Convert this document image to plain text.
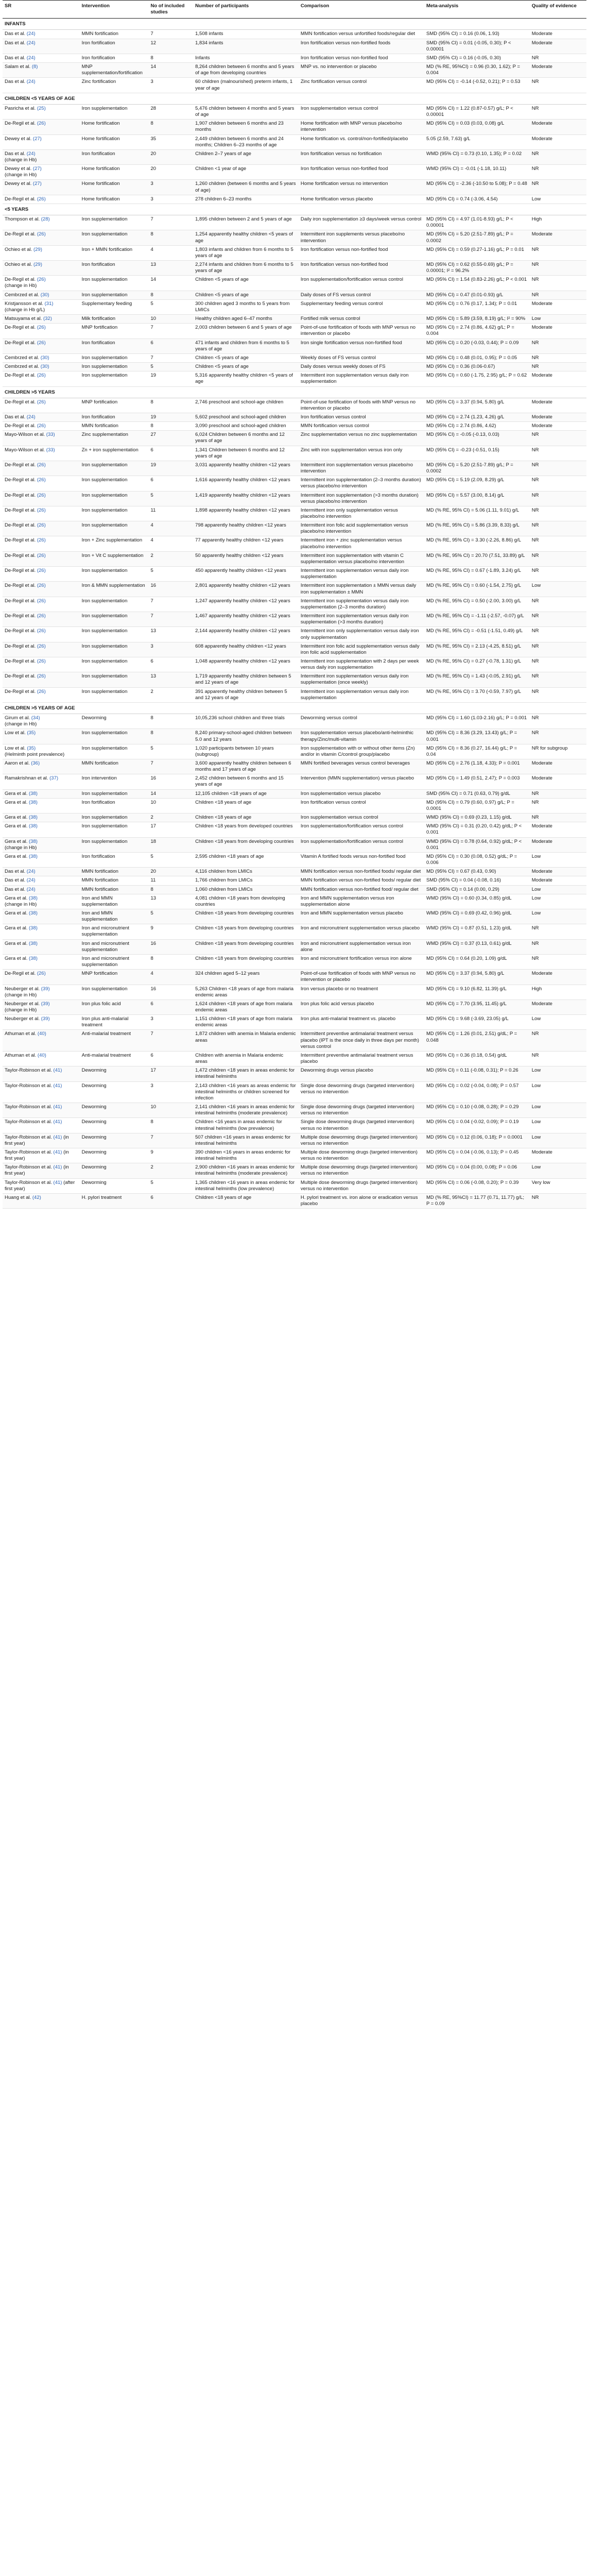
SR	Intervention	No of included studies	Number of participants	Comparison	Meta-analysis	Quality of evidence
INFANTS						
Das et al. (24)	MMN fortification	7	1,508 infants	MMN fortification versus unfortified foods/regular diet	SMD (95% CI) = 0.16 (0.06, 1.93)	Moderate
Das et al. (24)	Iron fortification	12	1,834 infants	Iron fortification versus non-fortified foods	SMD (95% CI) = 0.01 (-0.05, 0.30); P < 0.00001	Moderate
Das et al. (24)	Iron fortification	8	Infants	Iron fortification versus non-fortified food	SMD (95% CI) = 0.16 (-0.05, 0.30)	NR
Salam et al. (8)	MNP supplementation/fortification	14	8,264 children between 6 months and 5 years of age from developing countries	MNP vs. no intervention or placebo	MD (% RE, 95%CI) = 0.96 (0.30, 1.62); P = 0.004	Moderate
Das et al. (24)	Zinc fortification	3	60 children (malnourished) preterm infants, 1 year of age	Zinc fortification versus control	MD (95% CI) = -0.14 (-0.52, 0.21); P = 0.53	NR
CHILDREN <5 YEARS OF AGE						
Pasricha et al. (25)	Iron supplementation	28	5,476 children between 4 months and 5 years of age	Iron supplementation versus control	MD (95% CI) = 1.22 (0.87-0.57) g/L; P < 0.00001	NR
De-Regil et al. (26)	Home fortification	8	1,907 children between 6 months and 23 months	Home fortification with MNP versus placebo/no intervention	MD (95% CI) = 0.03 (0.03, 0.08) g/L	Moderate
Dewey et al. (27)	Home fortification	35	2,449 children between 6 months and 24 months; Children 6–23 months of age	Home fortification vs. control/non-fortified/placebo	5.05 (2.59, 7.63) g/L	Moderate
Das et al. (24)
(change in Hb)	Iron fortification	20	Children 2–7 years of age	Iron fortification versus no fortification	WMD (95% CI) = 0.73 (0.10, 1.35); P = 0.02	NR
Dewey et al. (27)
(change in Hb)	Home fortification	20	Children <1 year of age	Iron fortification versus non-fortified food	WMD (95% CI) = -0.01 (-1.18, 10.11)	NR
Dewey et al. (27)	Home fortification	3	1,260 children (between 6 months and 5 years of age)	Home fortification versus no intervention	MD (95% CI) = -2.36 (-10.50 to 5.08); P = 0.48	NR
De-Regil et al. (26)	Home fortification	3	278 children 6–23 months	Home fortification versus placebo	MD (95% CI) = 0.74 (-3.06, 4.54)	Low
<5 YEARS						
Thompson et al. (28)	Iron supplementation	7	1,895 children between 2 and 5 years of age	Daily iron supplementation ≥3 days/week versus control	MD (95% CI) = 4.97 (1.01-8.93) g/L; P < 0.00001	High
De-Regil et al. (26)	Iron supplementation	8	1,254 apparently healthy children <5 years of age	Intermittent iron supplements versus placebo/no intervention	MD (95% CI) = 5.20 (2.51-7.89) g/L; P = 0.0002	Moderate
Ochieo et al. (29)	Iron + MMN fortification	4	1,803 infants and children from 6 months to 5 years of age	Iron fortification versus non-fortified food	MD (95% CI) = 0.59 (0.27-1.16) g/L; P = 0.01	NR
Ochieo et al. (29)	Iron fortification	13	2,274 infants and children from 6 months to 5 years of age	Iron fortification versus non-fortified food	MD (95% CI) = 0.62 (0.55-0.69) g/L; P = 0.00001; I² = 96.2%	NR
De-Regil et al. (26)
(change in Hb)	Iron supplementation	14	Children <5 years of age	Iron supplementation/fortification versus control	MD (95% CI) = 1.54 (0.83-2.26) g/L; P < 0.001	NR
Cembrzed et al. (30)	Iron supplementation	8	Children <5 years of age	Daily doses of FS versus control	MD (95% CI) = 0.47 (0.01-0.93) g/L	NR
Kristjansson et al. (31)
(change in Hb g/L)	Supplementary feeding	5	300 children aged 3 months to 5 years from LMICs	Supplementary feeding versus control	MD (95% CI) = 0.76 (0.17, 1.34); P = 0.01	Moderate
Matsuyama et al. (32)	Milk fortification	10	Healthy children aged 6–47 months	Fortified milk versus control	MD (95% CI) = 5.89 (3.59, 8.19) g/L; I² = 90%	Low
De-Regil et al. (26)	MNP fortification	7	2,003 children between 6 and 5 years of age	Point-of-use fortification of foods with MNP versus no intervention or placebo	MD (95% CI) = 2.74 (0.86, 4.62) g/L; P = 0.004	Moderate
De-Regil et al. (26)	Iron fortification	6	471 infants and children from 6 months to 5 years of age	Iron single fortification versus non-fortified food	MD (95% CI) = 0.20 (-0.03, 0.44); P = 0.09	NR
Cembrzed et al. (30)	Iron supplementation	7	Children <5 years of age	Weekly doses of FS versus control	MD (95% CI) = 0.48 (0.01, 0.95); P = 0.05	NR
Cembrzed et al. (30)	Iron supplementation	5	Children <5 years of age	Daily doses versus weekly doses of FS	MD (95% CI) = 0.36 (0.06-0.67)	NR
De-Regil et al. (26)	Iron supplementation	19	5,316 apparently healthy children <5 years of age	Intermittent iron supplementation versus daily iron supplementation	MD (95% CI) = 0.60 (-1.75, 2.95) g/L; P = 0.62	Moderate
CHILDREN >5 YEARS						
De-Regil et al. (26)	MNP fortification	8	2,746 preschool and school-age children	Point-of-use fortification of foods with MNP versus no intervention or placebo	MD (95% CI) = 3.37 (0.94, 5.80) g/L	Moderate
Das et al. (24)	Iron fortification	19	5,602 preschool and school-aged children	Iron fortification versus control	MD (95% CI) = 2.74 (1.23, 4.26) g/L	Moderate
De-Regil et al. (26)	MMN fortification	8	3,090 preschool and school-aged children	MMN fortification versus control	MD (95% CI) = 2.74 (0.86, 4.62)	Moderate
Mayo-Wilson et al. (33)	Zinc supplementation	27	6,024 Children between 6 months and 12 years of age	Zinc supplementation versus no zinc supplementation	MD (95% CI) = -0.05 (-0.13, 0.03)	NR
Mayo-Wilson et al. (33)	Zn + iron supplementation	6	1,341 Children between 6 months and 12 years of age	Zinc with iron supplementation versus iron only	MD (95% CI) = -0.23 (-0.51, 0.15)	NR
De-Regil et al. (26)	Iron supplementation	19	3,031 apparently healthy children <12 years	Intermittent iron supplementation versus placebo/no intervention	MD (95% CI) = 5.20 (2.51-7.89) g/L; P = 0.0002	NR
De-Regil et al. (26)	Iron supplementation	6	1,616 apparently healthy children <12 years	Intermittent iron supplementation (2–3 months duration) versus placebo/no intervention	MD (95% CI) = 5.19 (2.09, 8.29) g/L	NR
De-Regil et al. (26)	Iron supplementation	5	1,419 apparently healthy children <12 years	Intermittent iron supplementation (>3 months duration) versus placebo/no intervention	MD (95% CI) = 5.57 (3.00, 8.14) g/L	NR
De-Regil et al. (26)	Iron supplementation	11	1,898 apparently healthy children <12 years	Intermittent iron only supplementation versus placebo/no intervention	MD (% RE, 95% CI) = 5.06 (1.11, 9.01) g/L	NR
De-Regil et al. (26)	Iron supplementation	4	798 apparently healthy children <12 years	Intermittent iron folic acid supplementation versus placebo/no intervention	MD (% RE, 95% CI) = 5.86 (3.39, 8.33) g/L	NR
De-Regil et al. (26)	Iron + Zinc supplementation	4	77 apparently healthy children <12 years	Intermittent iron + zinc supplementation versus placebo/no intervention	MD (% RE, 95% CI) = 3.30 (-2.26, 8.86) g/L	NR
De-Regil et al. (26)	Iron + Vit C supplementation	2	50 apparently healthy children <12 years	Intermittent iron supplementation with vitamin C supplementation versus placebo/no intervention	MD (% RE, 95% CI) = 20.70 (7.51, 33.89) g/L	NR
De-Regil et al. (26)	Iron supplementation	5	450 apparently healthy children <12 years	Intermittent iron supplementation versus daily iron supplementation	MD (% RE, 95% CI) = 0.67 (-1.89, 3.24) g/L	NR
De-Regil et al. (26)	Iron & MMN supplementation	16	2,801 apparently healthy children <12 years	Intermittent iron supplementation ± MMN versus daily iron supplementation ± MMN	MD (% RE, 95% CI) = 0.60 (-1.54, 2.75) g/L	Low
De-Regil et al. (26)	Iron supplementation	7	1,247 apparently healthy children <12 years	Intermittent iron supplementation versus daily iron supplementation (2–3 months duration)	MD (% RE, 95% CI) = 0.50 (-2.00, 3.00) g/L	NR
De-Regil et al. (26)	Iron supplementation	7	1,467 apparently healthy children <12 years	Intermittent iron supplementation versus daily iron supplementation (>3 months duration)	MD (% RE, 95% CI) = -1.11 (-2.57, -0.07) g/L	NR
De-Regil et al. (26)	Iron supplementation	13	2,144 apparently healthy children <12 years	Intermittent iron only supplementation versus daily iron only supplementation	MD (% RE, 95% CI) = -0.51 (-1.51, 0.49) g/L	NR
De-Regil et al. (26)	Iron supplementation	3	608 apparently healthy children <12 years	Intermittent iron folic acid supplementation versus daily iron folic acid supplementation	MD (% RE, 95% CI) = 2.13 (-4.25, 8.51) g/L	NR
De-Regil et al. (26)	Iron supplementation	6	1,048 apparently healthy children <12 years	Intermittent iron supplementation with 2 days per week versus daily iron supplementation	MD (% RE, 95% CI) = 0.27 (-0.78, 1.31) g/L	NR
De-Regil et al. (26)	Iron supplementation	13	1,719 apparently healthy children between 5 and 12 years of age	Intermittent iron supplementation versus daily iron supplementation (once weekly)	MD (% RE, 95% CI) = 1.43 (-0.05, 2.91) g/L	NR
De-Regil et al. (26)	Iron supplementation	2	391 apparently healthy children between 5 and 12 years of age	Intermittent iron supplementation versus daily iron supplementation	MD (% RE, 95% CI) = 3.70 (-0.59, 7.97) g/L	NR
CHILDREN >5 YEARS OF AGE						
Girum et al. (34)
(change in Hb)	Deworming	8	10,05,236 school children and three trials	Deworming versus control	MD (95% CI) = 1.60 (1.03-2.16) g/L; P = 0.001	NR
Low et al. (35)	Iron supplementation	8	8,240 primary-school-aged children between 5.0 and 12 years	Iron supplementation versus placebo/anti-helminthic therapy/Zinc/multi-vitamin	MD (95% CI) = 8.36 (3.29, 13.43) g/L; P = 0.001	NR
Low et al. (35)
(Helminth point prevalence)	Iron supplementation	5	1,020 participants between 10 years (subgroup)	Iron supplementation with or without other items (Zn) and/or in vitamin C/control group/placebo	MD (95% CI) = 8.36 (0.27, 16.44) g/L; P = 0.04	NR for subgroup
Aaron et al. (36)	MMN fortification	7	3,600 apparently healthy children between 6 months and 17 years of age	MMN fortified beverages versus control beverages	MD (95% CI) = 2.76 (1.18, 4.33); P = 0.001	Moderate
Ramakrishnan et al. (37)	Iron intervention	16	2,452 children between 6 months and 15 years of age	Intervention (MMN supplementation) versus placebo	MD (95% CI) = 1.49 (0.51, 2.47); P = 0.003	Moderate
Gera et al. (38)	Iron supplementation	14	12,105 children <18 years of age	Iron supplementation versus placebo	SMD (95% CI) = 0.71 (0.63, 0.79) g/dL	NR
Gera et al. (38)	Iron fortification	10	Children <18 years of age	Iron fortification versus control	MD (95% CI) = 0.79 (0.60, 0.97) g/L; P = 0.0001	NR
Gera et al. (38)	Iron supplementation	2	Children <18 years of age	Iron supplementation versus control	WMD (95% CI) = 0.69 (0.23, 1.15) g/dL	NR
Gera et al. (38)	Iron supplementation	17	Children <18 years from developed countries	Iron supplementation/fortification versus control	WMD (95% CI) = 0.31 (0.20, 0.42) g/dL; P < 0.001	Moderate
Gera et al. (38)
(change in Hb)	Iron supplementation	18	Children <18 years from developing countries	Iron supplementation/fortification versus control	WMD (95% CI) = 0.78 (0.64, 0.92) g/dL; P < 0.001	Moderate
Gera et al. (38)	Iron fortification	5	2,595 children <18 years of age	Vitamin A fortified foods versus non-fortified food	MD (95% CI) = 0.30 (0.08, 0.52) g/dL; P = 0.006	Low
Das et al. (24)	MMN fortification	20	4,116 children from LMICs	MMN fortification versus non-fortified foods/ regular diet	MD (95% CI) = 0.67 (0.43, 0.90)	Moderate
Das et al. (24)	MMN fortification	11	1,766 children from LMICs	MMN fortification versus non-fortified foods/ regular diet	SMD (95% CI) = 0.04 (-0.08, 0.16)	Moderate
Das et al. (24)	MMN fortification	8	1,060 children from LMICs	MMN fortification versus non-fortified food/ regular diet	SMD (95% CI) = 0.14 (0.00, 0.29)	Low
Gera et al. (38)
(change in Hb)	Iron and MMN supplementation	13	4,081 children <18 years from developing countries	Iron and MMN supplementation versus iron supplementation alone	WMD (95% CI) = 0.60 (0.34, 0.85) g/dL	Low
Gera et al. (38)	Iron and MMN supplementation	5	Children <18 years from developing countries	Iron and MMN supplementation versus placebo	WMD (95% CI) = 0.69 (0.42, 0.96) g/dL	Low
Gera et al. (38)	Iron and micronutrient supplementation	9	Children <18 years from developing countries	Iron and micronutrient supplementation versus placebo	WMD (95% CI) = 0.87 (0.51, 1.23) g/dL	NR
Gera et al. (38)	Iron and micronutrient supplementation	16	Children <18 years from developing countries	Iron and micronutrient supplementation versus iron alone	WMD (95% CI) = 0.37 (0.13, 0.61) g/dL	NR
Gera et al. (38)	Iron and micronutrient supplementation	8	Children <18 years from developing countries	Iron and micronutrient fortification versus iron alone	MD (95% CI) = 0.64 (0.20, 1.09) g/dL	NR
De-Regil et al. (26)	MNP fortification	4	324 children aged 5–12 years	Point-of-use fortification of foods with MNP versus no intervention or placebo	MD (95% CI) = 3.37 (0.94, 5.80) g/L	Moderate
Neuberger et al. (39)
(change in Hb)	Iron supplementation	16	5,263 Children <18 years of age from malaria endemic areas	Iron versus placebo or no treatment	MD (95% CI) = 9.10 (6.82, 11.39) g/L	High
Neuberger et al. (39)
(change in Hb)	Iron plus folic acid	6	1,624 children <18 years of age from malaria endemic areas	Iron plus folic acid versus placebo	MD (95% CI) = 7.70 (3.95, 11.45) g/L	Moderate
Neuberger et al. (39)	Iron plus anti-malarial treatment	3	1,151 children <18 years of age from malaria endemic areas	Iron plus anti-malarial treatment vs. placebo	MD (95% CI) = 9.68 (-3.69, 23.05) g/L	Low
Athuman et al. (40)	Anti-malarial treatment	7	1,872 children with anemia in Malaria endemic areas	Intermittent preventive antimalarial treatment versus placebo (IPT is the once daily in three days per month) versus control	MD (95% CI) = 1.26 (0.01, 2.51) g/dL; P = 0.048	NR
Athuman et al. (40)	Anti-malarial treatment	6	Children with anemia in Malaria endemic areas	Intermittent preventive antimalarial treatment versus placebo	MD (95% CI) = 0.36 (0.18, 0.54) g/dL	NR
Taylor-Robinson et al. (41)	Deworming	17	1,472 children <18 years in areas endemic for intestinal helminths	Deworming drugs versus placebo	MD (95% CI) = 0.11 (-0.08, 0.31); P = 0.26	Low
Taylor-Robinson et al. (41)	Deworming	3	2,143 children <16 years as areas endemic for intestinal helminths or children screened for infection	Single dose deworming drugs (targeted intervention) versus no intervention	MD (95% CI) = 0.02 (-0.04, 0.08); P = 0.57	Low
Taylor-Robinson et al. (41)	Deworming	10	2,141 children <16 years in areas endemic for intestinal helminths (moderate prevalence)	Single dose deworming drugs (targeted intervention) versus no intervention	MD (95% CI) = 0.10 (-0.08, 0.28); P = 0.29	Low
Taylor-Robinson et al. (41)	Deworming	8	Children <16 years in areas endemic for intestinal helminths (low prevalence)	Single dose deworming drugs (targeted intervention) versus no intervention	MD (95% CI) = 0.04 (-0.02, 0.09); P = 0.19	Low
Taylor-Robinson et al. (41) (in first year)	Deworming	7	507 children <16 years in areas endemic for intestinal helminths	Multiple dose deworming drugs (targeted intervention) versus no intervention	MD (95% CI) = 0.12 (0.06, 0.18); P = 0.0001	Low
Taylor-Robinson et al. (41) (in first year)	Deworming	9	390 children <16 years in areas endemic for intestinal helminths	Multiple dose deworming drugs (targeted intervention) versus no intervention	MD (95% CI) = 0.04 (-0.06, 0.13); P = 0.45	Moderate
Taylor-Robinson et al. (41) (in first year)	Deworming	2	2,900 children <16 years in areas endemic for intestinal helminths (moderate prevalence)	Multiple dose deworming drugs (targeted intervention) versus no intervention	MD (95% CI) = 0.04 (0.00, 0.08); P = 0.06	Low
Taylor-Robinson et al. (41) (after first year)	Deworming	5	1,365 children <16 years in areas endemic for intestinal helminths (low prevalence)	Multiple dose deworming drugs (targeted intervention) versus no intervention	MD (95% CI) = 0.06 (-0.08, 0.20); P = 0.39	Very low
Huang et al. (42)	H. pylori treatment	6	Children <18 years of age	H. pylori treatment vs. iron alone or eradication versus placebo	MD (% RE, 95%CI) = 11.77 (0.71, 11.77) g/L; P = 0.09	NR
